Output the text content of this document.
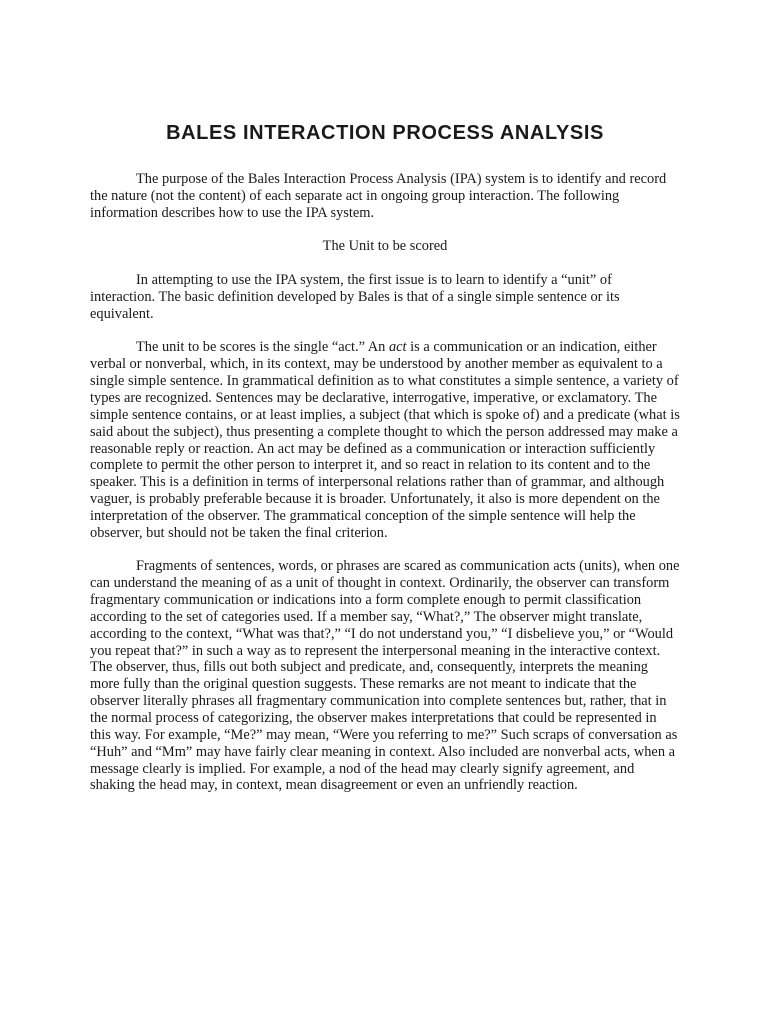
BALES INTERACTION PROCESS ANALYSIS

The purpose of the Bales Interaction Process Analysis (IPA) system is to identify and record the nature (not the content) of each separate act in ongoing group interaction. The following information describes how to use the IPA system.

The Unit to be scored

In attempting to use the IPA system, the first issue is to learn to identify a “unit” of interaction. The basic definition developed by Bales is that of a single simple sentence or its equivalent.

The unit to be scores is the single “act.” An act is a communication or an indication, either verbal or nonverbal, which, in its context, may be understood by another member as equivalent to a single simple sentence. In grammatical definition as to what constitutes a simple sentence, a variety of types are recognized. Sentences may be declarative, interrogative, imperative, or exclamatory. The simple sentence contains, or at least implies, a subject (that which is spoke of) and a predicate (what is said about the subject), thus presenting a complete thought to which the person addressed may make a reasonable reply or reaction. An act may be defined as a communication or interaction sufficiently complete to permit the other person to interpret it, and so react in relation to its content and to the speaker. This is a definition in terms of interpersonal relations rather than of grammar, and although vaguer, is probably preferable because it is broader. Unfortunately, it also is more dependent on the interpretation of the observer. The grammatical conception of the simple sentence will help the observer, but should not be taken the final criterion.

Fragments of sentences, words, or phrases are scared as communication acts (units), when one can understand the meaning of as a unit of thought in context. Ordinarily, the observer can transform fragmentary communication or indications into a form complete enough to permit classification according to the set of categories used. If a member say, “What?,” The observer might translate, according to the context, “What was that?,” “I do not understand you,” “I disbelieve you,” or “Would you repeat that?” in such a way as to represent the interpersonal meaning in the interactive context. The observer, thus, fills out both subject and predicate, and, consequently, interprets the meaning more fully than the original question suggests. These remarks are not meant to indicate that the observer literally phrases all fragmentary communication into complete sentences but, rather, that in the normal process of categorizing, the observer makes interpretations that could be represented in this way. For example, “Me?” may mean, “Were you referring to me?” Such scraps of conversation as “Huh” and “Mm” may have fairly clear meaning in context. Also included are nonverbal acts, when a message clearly is implied. For example, a nod of the head may clearly signify agreement, and shaking the head may, in context, mean disagreement or even an unfriendly reaction.
